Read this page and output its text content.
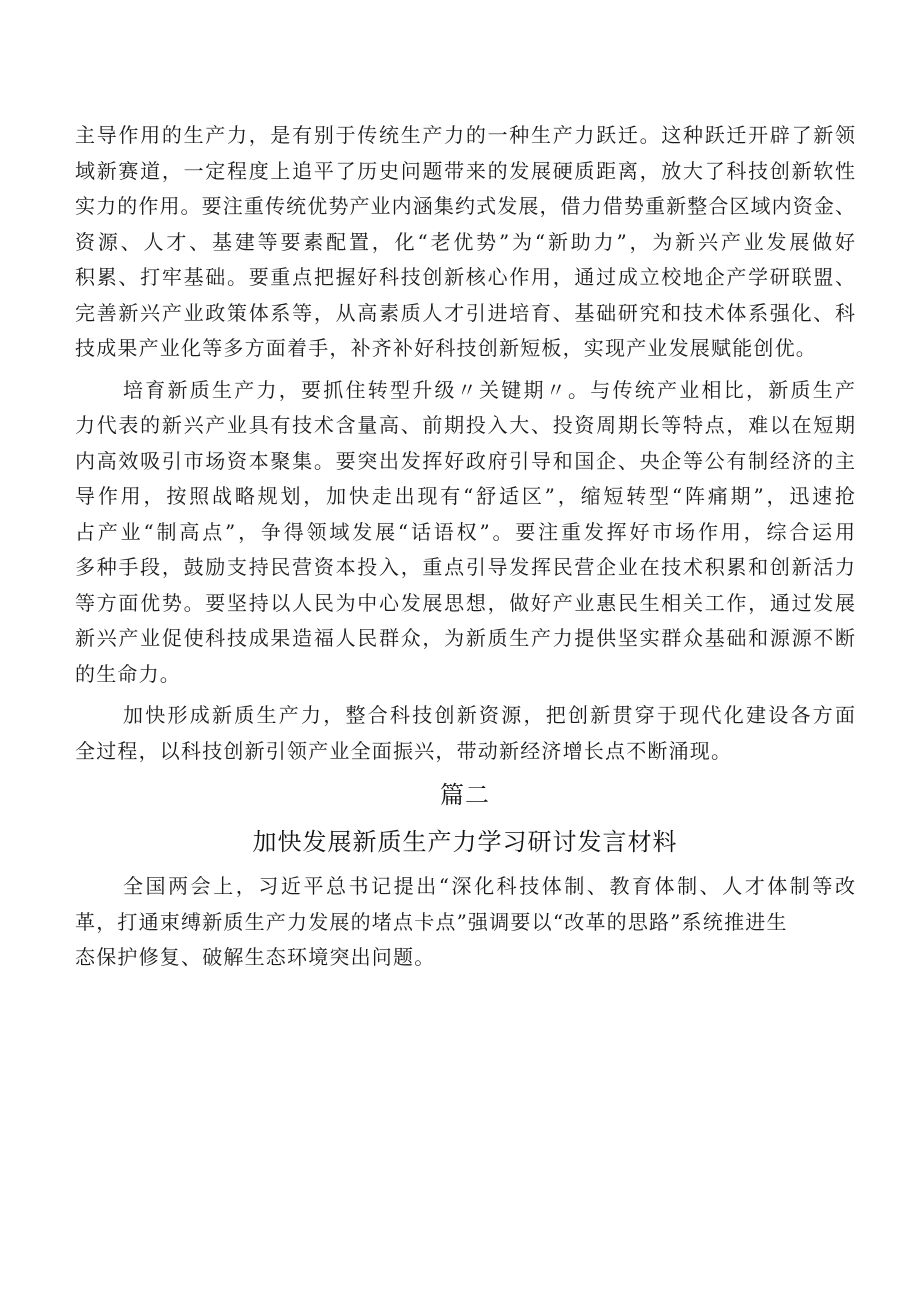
主导作用的生产力，是有别于传统生产力的一种生产力跃迁。这种跃迁开辟了新领
域新赛道，一定程度上追平了历史问题带来的发展硬质距离，放大了科技创新软性
实力的作用。要注重传统优势产业内涵集约式发展，借力借势重新整合区域内资金、
资源、人才、基建等要素配置，化“老优势”为“新助力”，为新兴产业发展做好
积累、打牢基础。要重点把握好科技创新核心作用，通过成立校地企产学研联盟、
完善新兴产业政策体系等，从高素质人才引进培育、基础研究和技术体系强化、科
技成果产业化等多方面着手，补齐补好科技创新短板，实现产业发展赋能创优。
培育新质生产力，要抓住转型升级〃关键期〃。与传统产业相比，新质生产
力代表的新兴产业具有技术含量高、前期投入大、投资周期长等特点，难以在短期
内高效吸引市场资本聚集。要突出发挥好政府引导和国企、央企等公有制经济的主
导作用，按照战略规划，加快走出现有“舒适区”，缩短转型“阵痛期”，迅速抢
占产业“制高点”，争得领域发展“话语权”。要注重发挥好市场作用，综合运用
多种手段，鼓励支持民营资本投入，重点引导发挥民营企业在技术积累和创新活力
等方面优势。要坚持以人民为中心发展思想，做好产业惠民生相关工作，通过发展
新兴产业促使科技成果造福人民群众，为新质生产力提供坚实群众基础和源源不断
的生命力。
加快形成新质生产力，整合科技创新资源，把创新贯穿于现代化建设各方面
全过程，以科技创新引领产业全面振兴，带动新经济增长点不断涌现。
篇二
加快发展新质生产力学习研讨发言材料
全国两会上，习近平总书记提出“深化科技体制、教育体制、人才体制等改
革，打通束缚新质生产力发展的堵点卡点”强调要以“改革的思路”系统推进生
态保护修复、破解生态环境突出问题。
